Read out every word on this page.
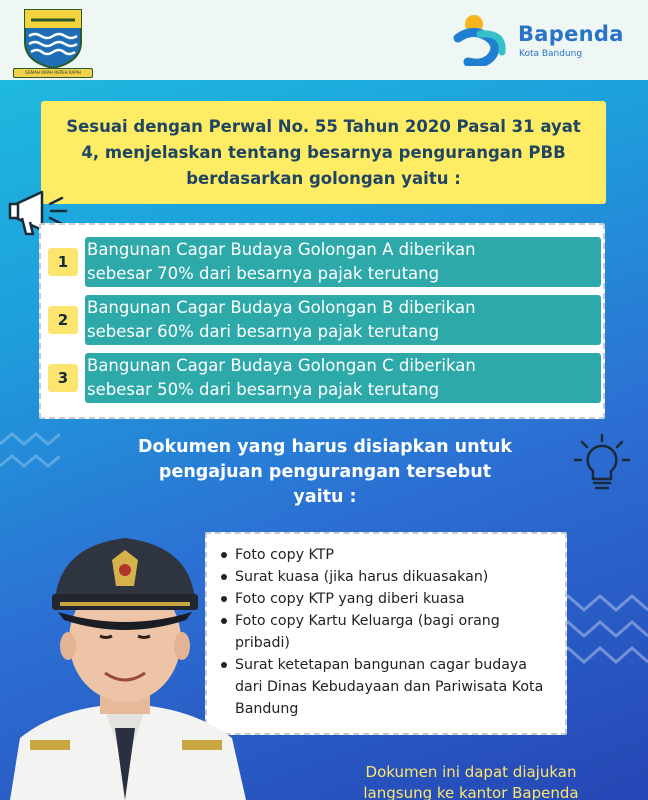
GEMAH RIPAH REPEH RAPIH
Bapenda
Kota Bandung
Sesuai dengan Perwal No. 55 Tahun 2020 Pasal 31 ayat 4, menjelaskan tentang besarnya pengurangan PBB berdasarkan golongan yaitu :
1
Bangunan Cagar Budaya Golongan A diberikan
sebesar 70% dari besarnya pajak terutang
2
Bangunan Cagar Budaya Golongan B diberikan
sebesar 60% dari besarnya pajak terutang
3
Bangunan Cagar Budaya Golongan C diberikan
sebesar 50% dari besarnya pajak terutang
Dokumen yang harus disiapkan untuk
pengajuan pengurangan tersebut
yaitu :
Foto copy KTP
Surat kuasa (jika harus dikuasakan)
Foto copy KTP yang diberi kuasa
Foto copy Kartu Keluarga (bagi orang pribadi)
Surat ketetapan bangunan cagar budaya dari Dinas Kebudayaan dan Pariwisata Kota Bandung
Dokumen ini dapat diajukan
langsung ke kantor Bapenda
